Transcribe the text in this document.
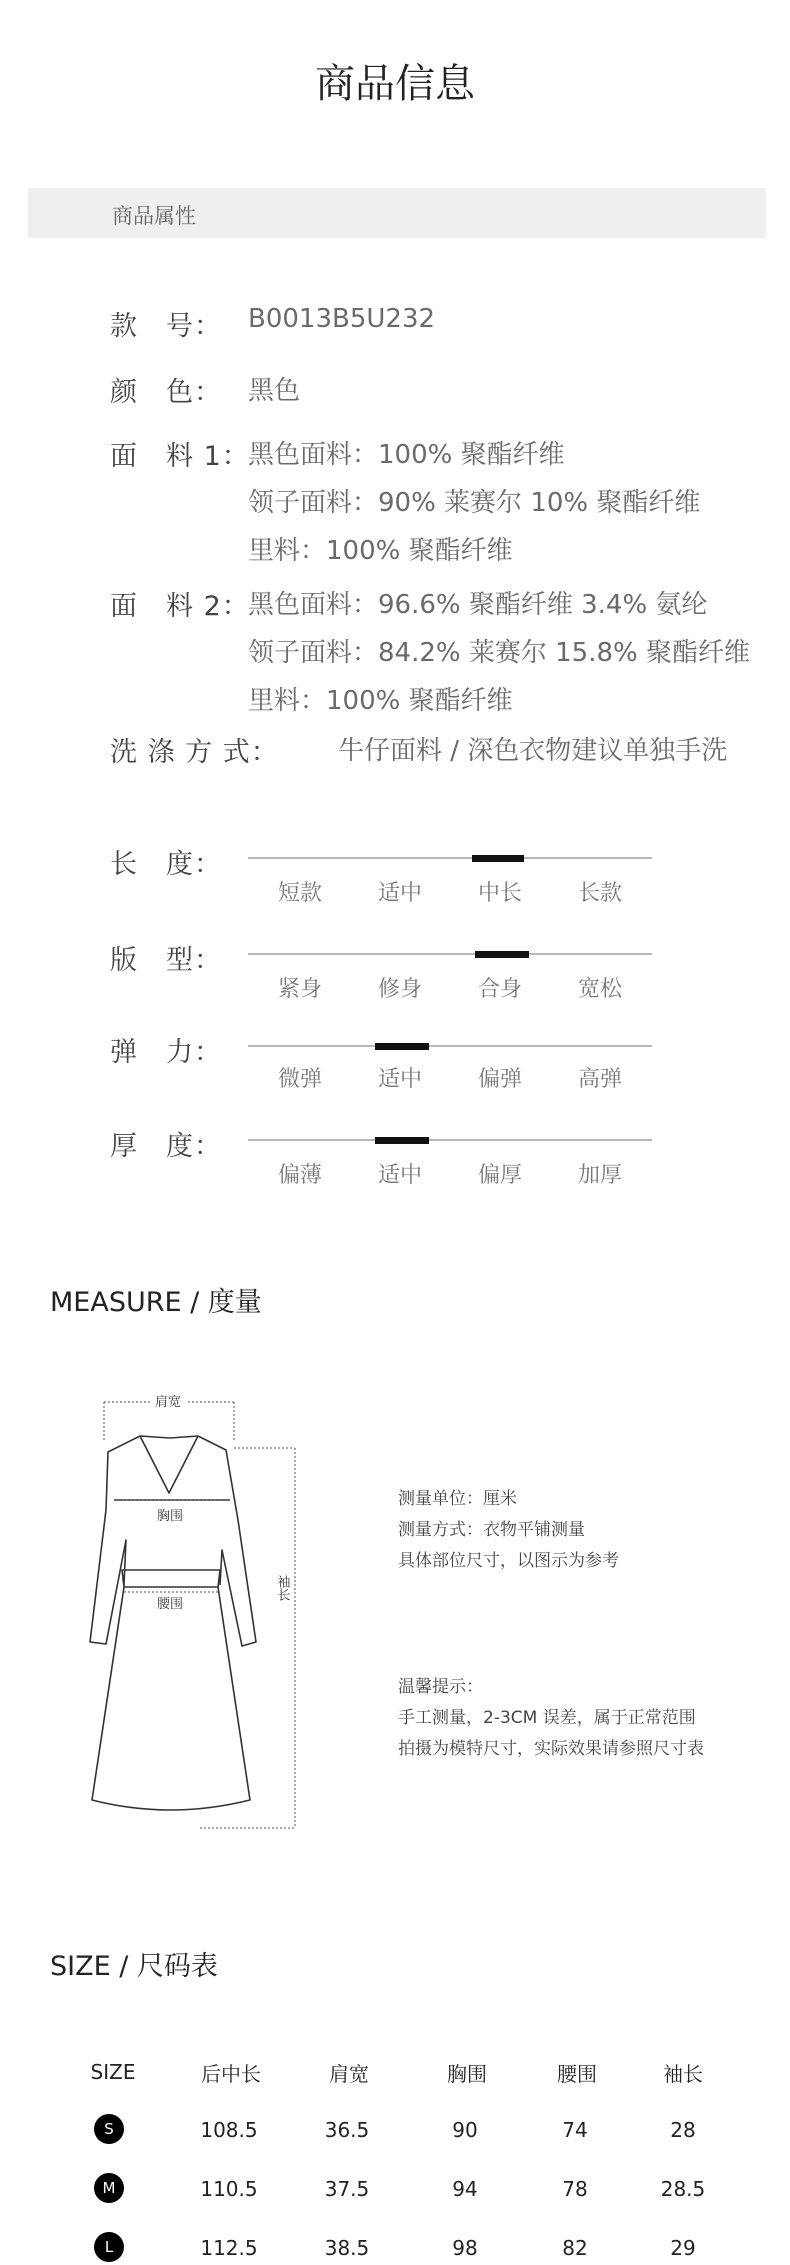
商品信息
商品属性
款　号： B0013B5U232
颜　色： 黑色
面　料 1：
黑色面料：100% 聚酯纤维
领子面料：90% 莱赛尔 10% 聚酯纤维
里料：100% 聚酯纤维
面　料 2：
黑色面料：96.6% 聚酯纤维 3.4% 氨纶
领子面料：84.2% 莱赛尔 15.8% 聚酯纤维
里料：100% 聚酯纤维
洗 涤 方 式： 牛仔面料 / 深色衣物建议单独手洗
长　度：
短款	适中	中长	长款
版　型：
紧身	修身	合身	宽松
弹　力：
微弹	适中	偏弹	高弹
厚　度：
偏薄	适中	偏厚	加厚
MEASURE / 度量
肩宽
胸围
腰围
袖长
测量单位：厘米
测量方式：衣物平铺测量
具体部位尺寸，以图示为参考
温馨提示：
手工测量，2-3CM 误差，属于正常范围
拍摄为模特尺寸，实际效果请参照尺寸表
SIZE / 尺码表
SIZE	后中长	肩宽	胸围	腰围	袖长
S	108.5	36.5	90	74	28
M	110.5	37.5	94	78	28.5
L	112.5	38.5	98	82	29
